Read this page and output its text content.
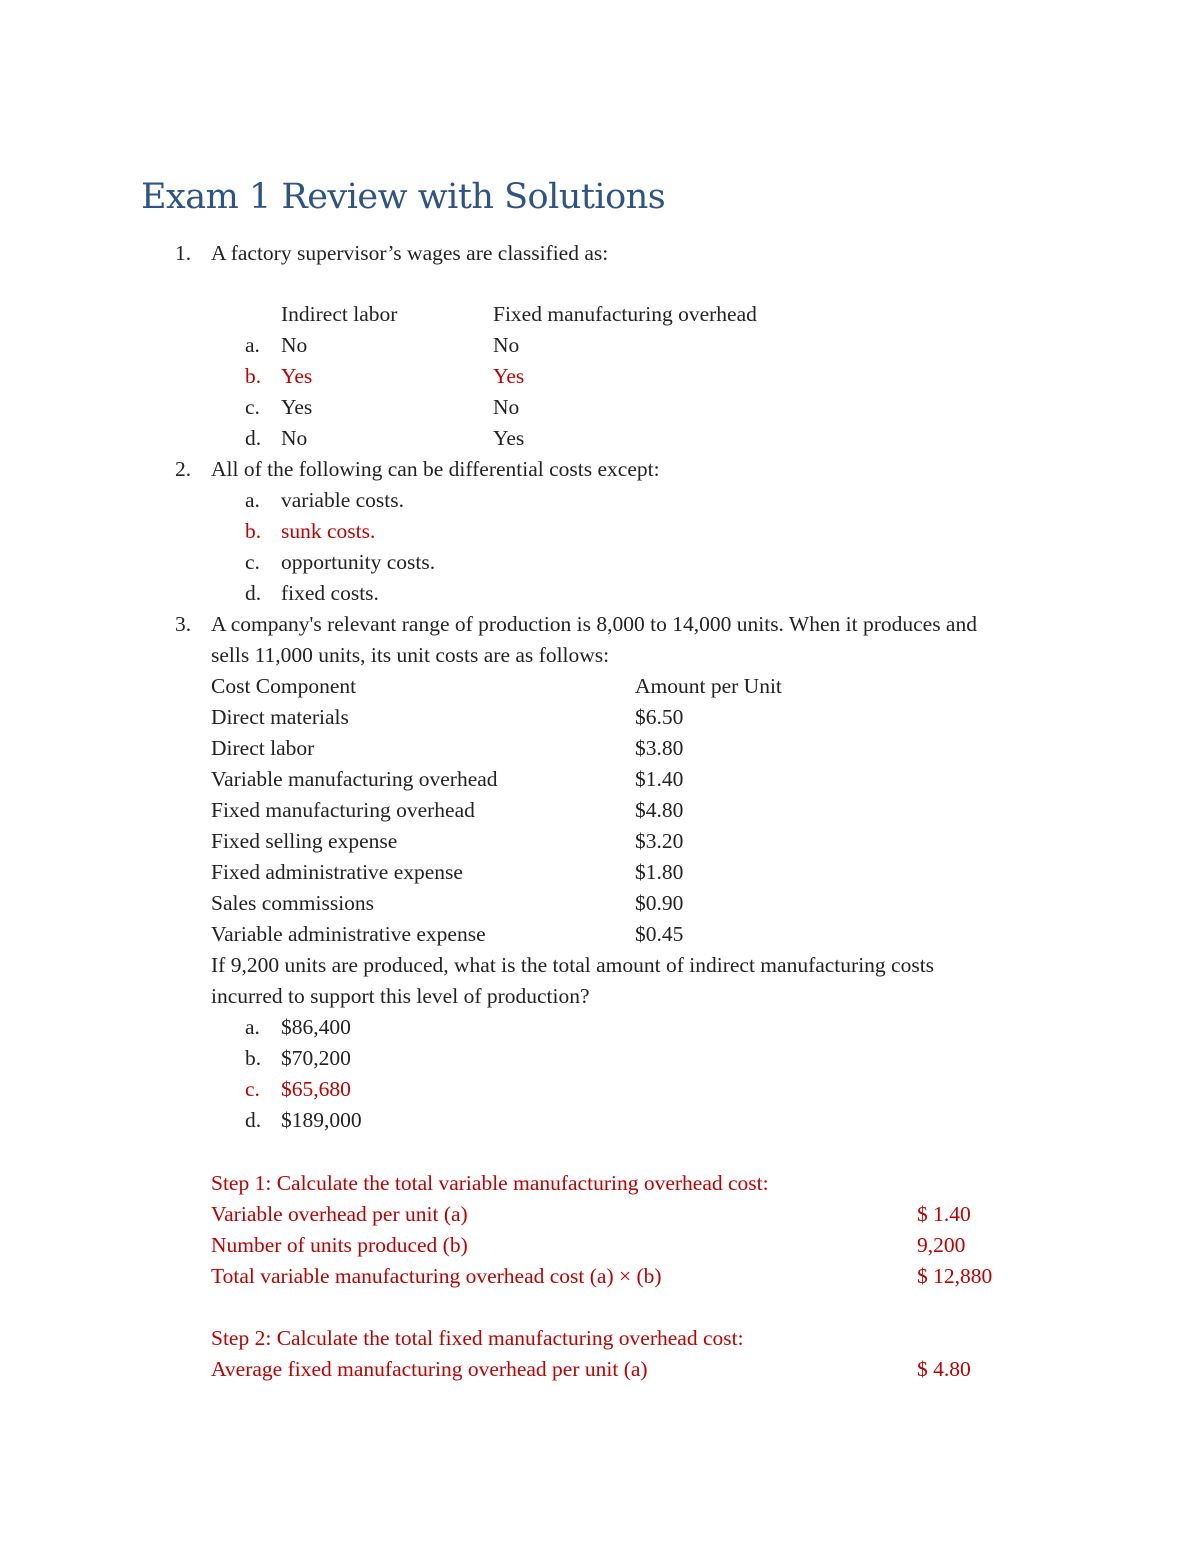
Exam 1 Review with Solutions
1. A factory supervisor’s wages are classified as:
Indirect labor	Fixed manufacturing overhead
a. No	No
b. Yes	Yes
c. Yes	No
d. No	Yes
2. All of the following can be differential costs except:
a. variable costs.
b. sunk costs.
c. opportunity costs.
d. fixed costs.
3. A company's relevant range of production is 8,000 to 14,000 units. When it produces and
sells 11,000 units, its unit costs are as follows:
Cost Component	Amount per Unit
Direct materials	$6.50
Direct labor	$3.80
Variable manufacturing overhead	$1.40
Fixed manufacturing overhead	$4.80
Fixed selling expense	$3.20
Fixed administrative expense	$1.80
Sales commissions	$0.90
Variable administrative expense	$0.45
If 9,200 units are produced, what is the total amount of indirect manufacturing costs
incurred to support this level of production?
a. $86,400
b. $70,200
c. $65,680
d. $189,000
Step 1: Calculate the total variable manufacturing overhead cost:
Variable overhead per unit (a)	$ 1.40
Number of units produced (b)	9,200
Total variable manufacturing overhead cost (a) × (b)	$ 12,880
Step 2: Calculate the total fixed manufacturing overhead cost:
Average fixed manufacturing overhead per unit (a)	$ 4.80
